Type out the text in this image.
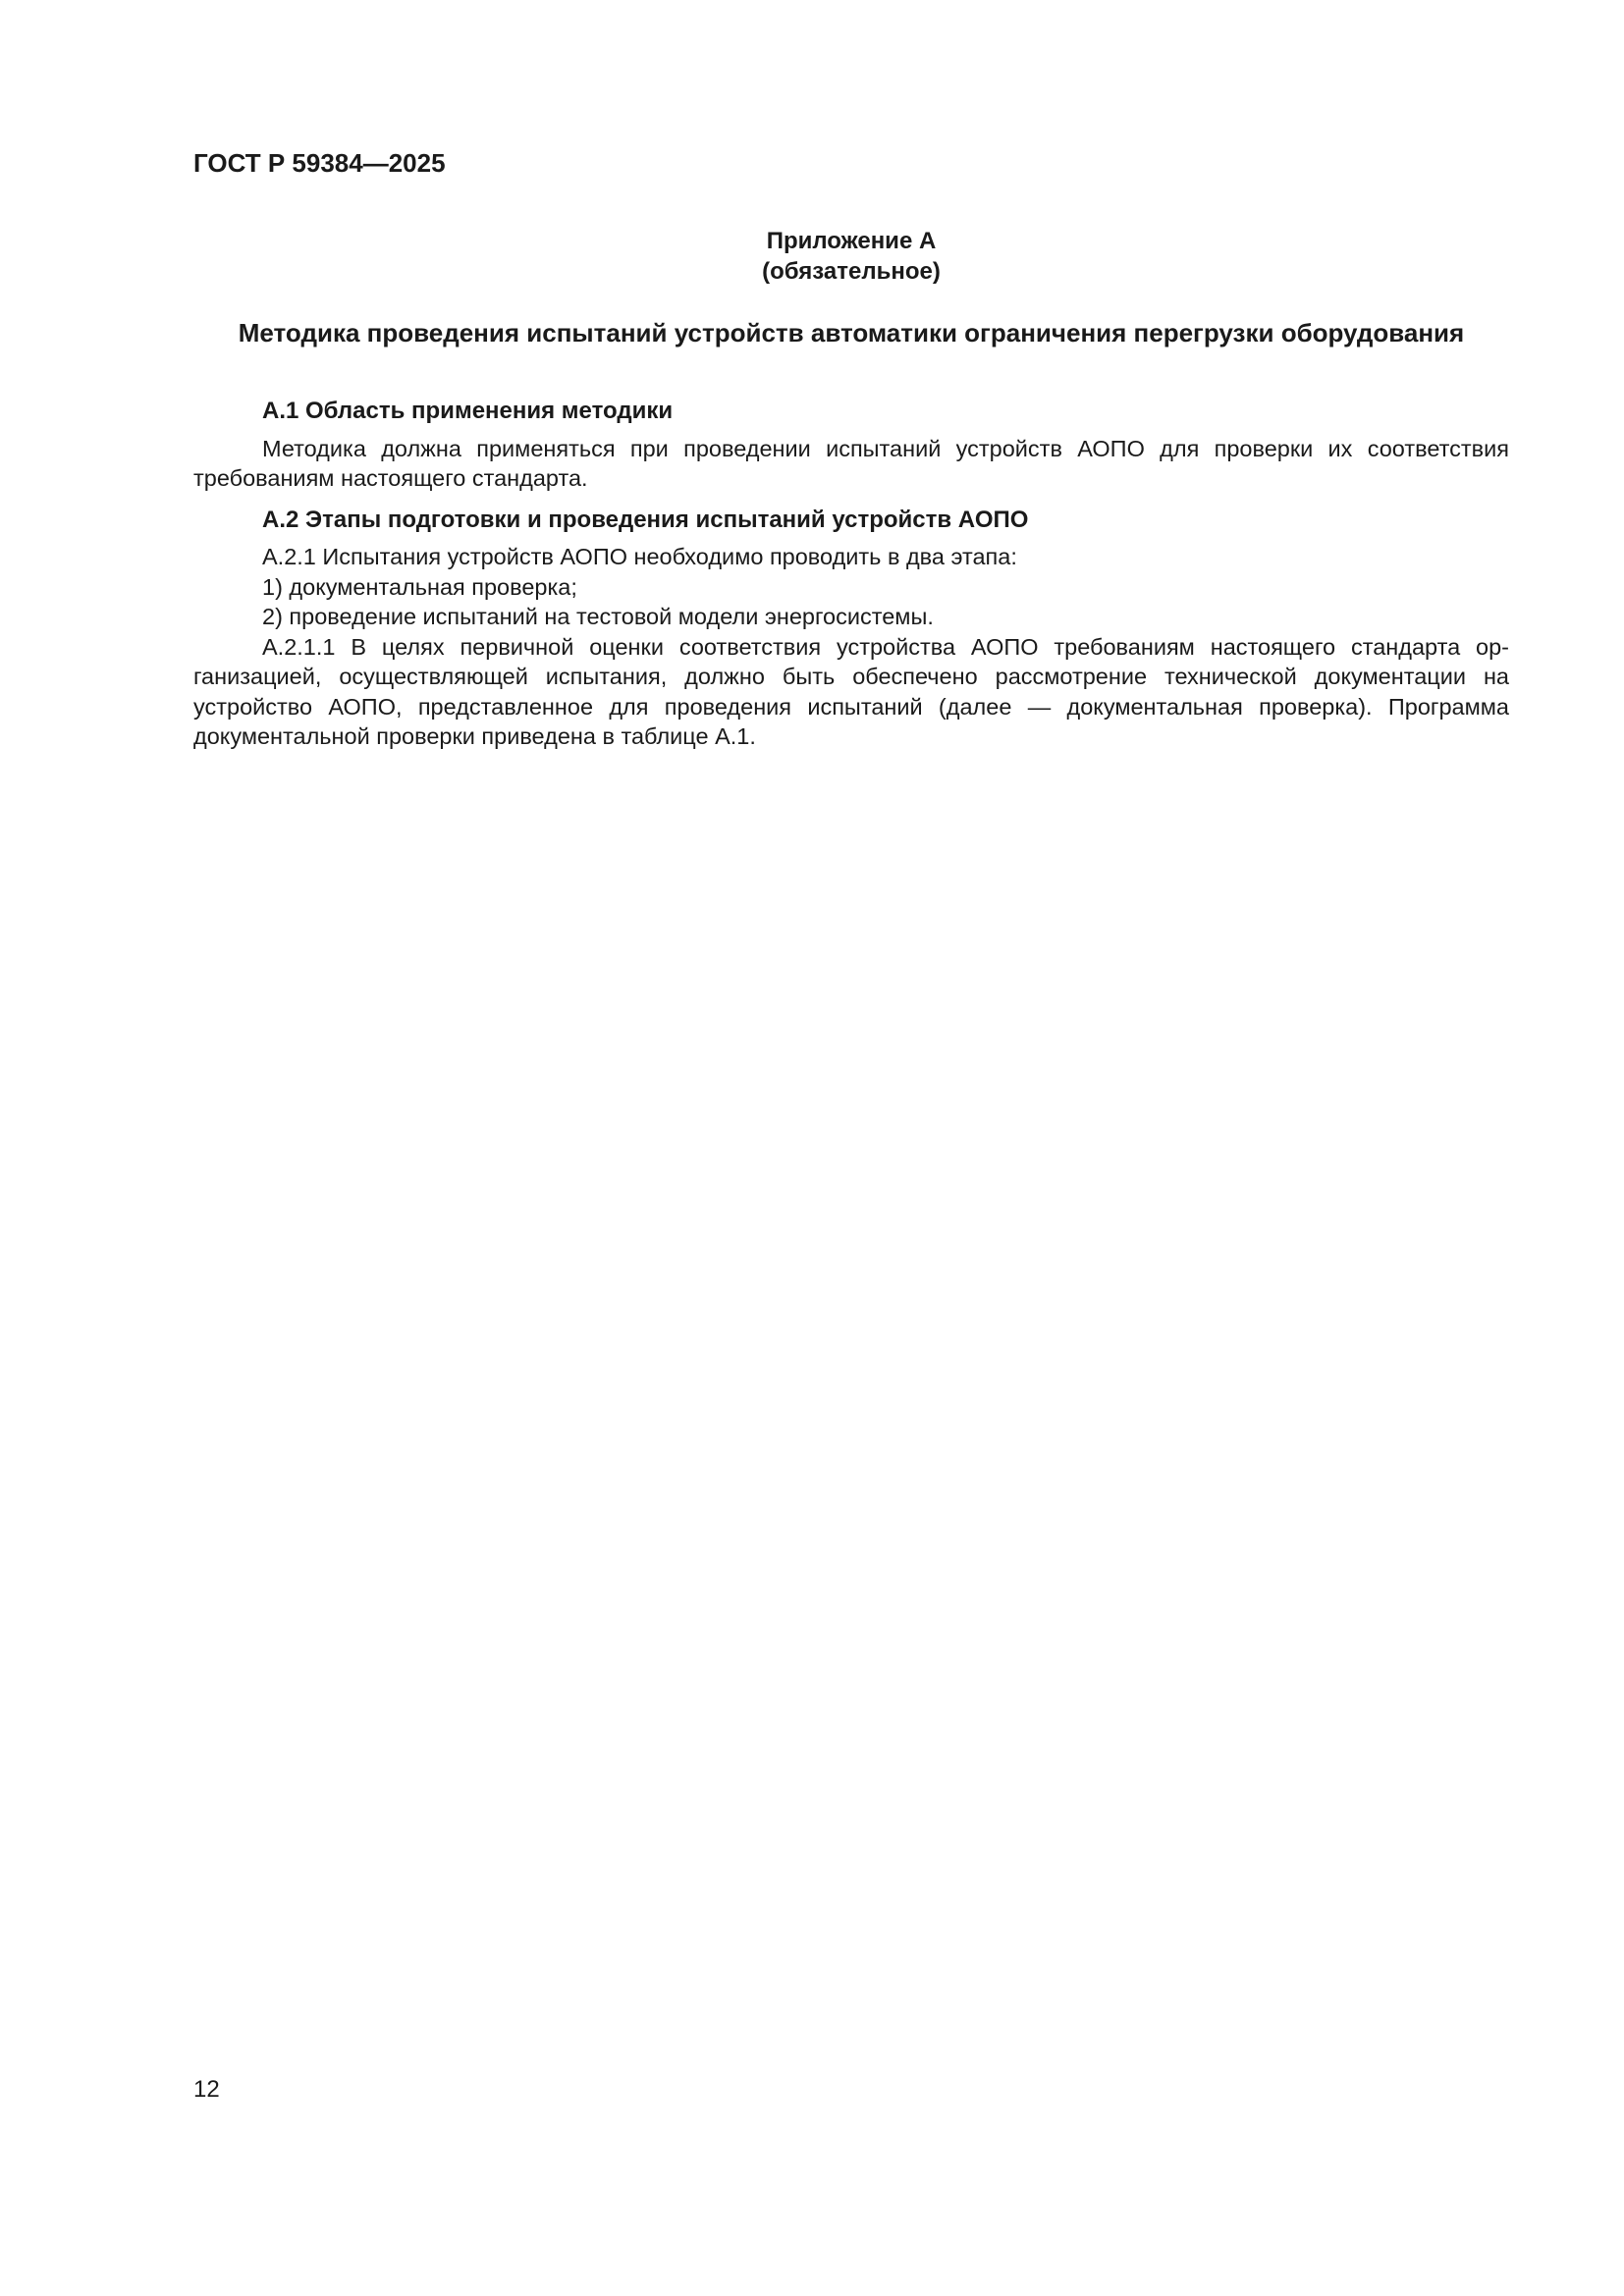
ГОСТ Р 59384—2025
Приложение А
(обязательное)
Методика проведения испытаний устройств автоматики ограничения перегрузки оборудования

А.1 Область применения методики

Методика должна применяться при проведении испытаний устройств АОПО для проверки их соответствия требованиям настоящего стандарта.

А.2 Этапы подготовки и проведения испытаний устройств АОПО

А.2.1 Испытания устройств АОПО необходимо проводить в два этапа:

1) документальная проверка;

2) проведение испытаний на тестовой модели энергосистемы.

А.2.1.1 В целях первичной оценки соответствия устройства АОПО требованиям настоящего стандарта организацией, осуществляющей испытания, должно быть обеспечено рассмотрение технической документации на устройство АОПО, представленное для проведения испытаний (далее — документальная проверка). Программа документальной проверки приведена в таблице А.1.

12
